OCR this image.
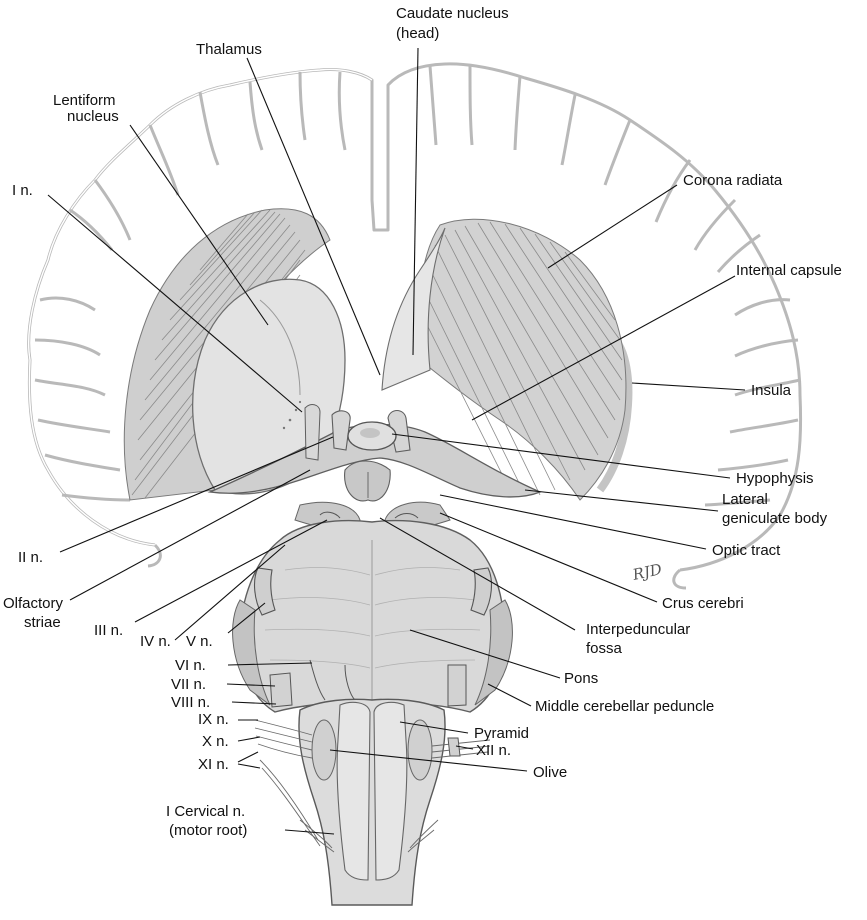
RJD
Caudate nucleus
(head)
Thalamus
Lentiform
nucleus
I n.
Corona radiata
Internal capsule
Insula
Hypophysis
Lateral
geniculate body
II n.	Optic tract
Olfactory
striae
Crus cerebri
III n.
IV n. V n.
Interpeduncular
fossa
Pons
VI n.
VII n.
VIII n.	Middle cerebellar peduncle
IX n.
Pyramid
X n.
XII n.
XI n.	Olive
I Cervical n.
(motor root)
